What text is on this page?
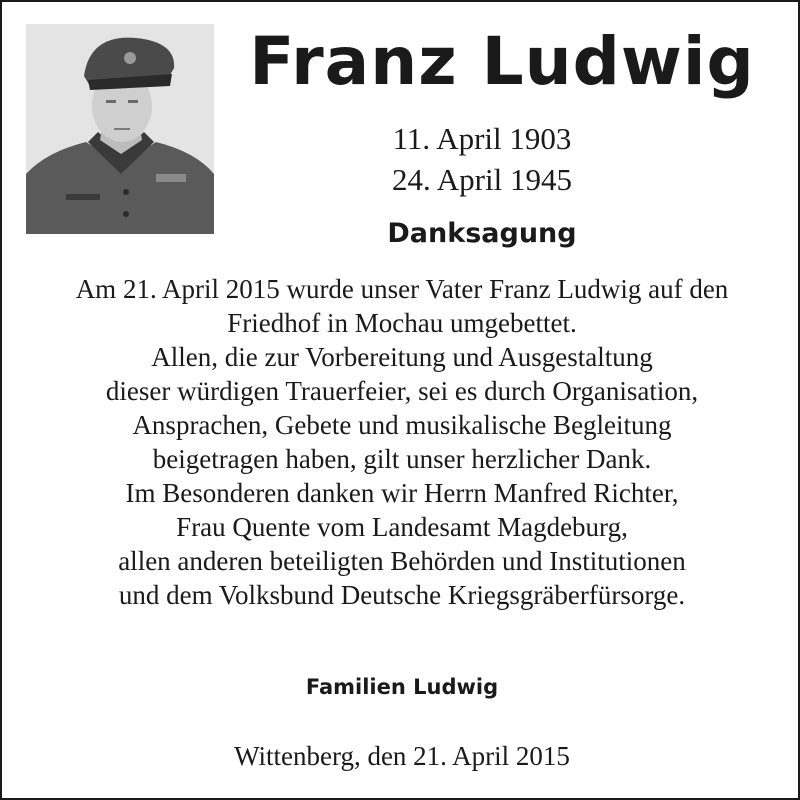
Franz Ludwig
11. April 1903
24. April 1945
Danksagung
Am 21. April 2015 wurde unser Vater Franz Ludwig auf den
Friedhof in Mochau umgebettet.
Allen, die zur Vorbereitung und Ausgestaltung
dieser würdigen Trauerfeier, sei es durch Organisation,
Ansprachen, Gebete und musikalische Begleitung
beigetragen haben, gilt unser herzlicher Dank.
Im Besonderen danken wir Herrn Manfred Richter,
Frau Quente vom Landesamt Magdeburg,
allen anderen beteiligten Behörden und Institutionen
und dem Volksbund Deutsche Kriegsgräberfürsorge.
Familien Ludwig
Wittenberg, den 21. April 2015
